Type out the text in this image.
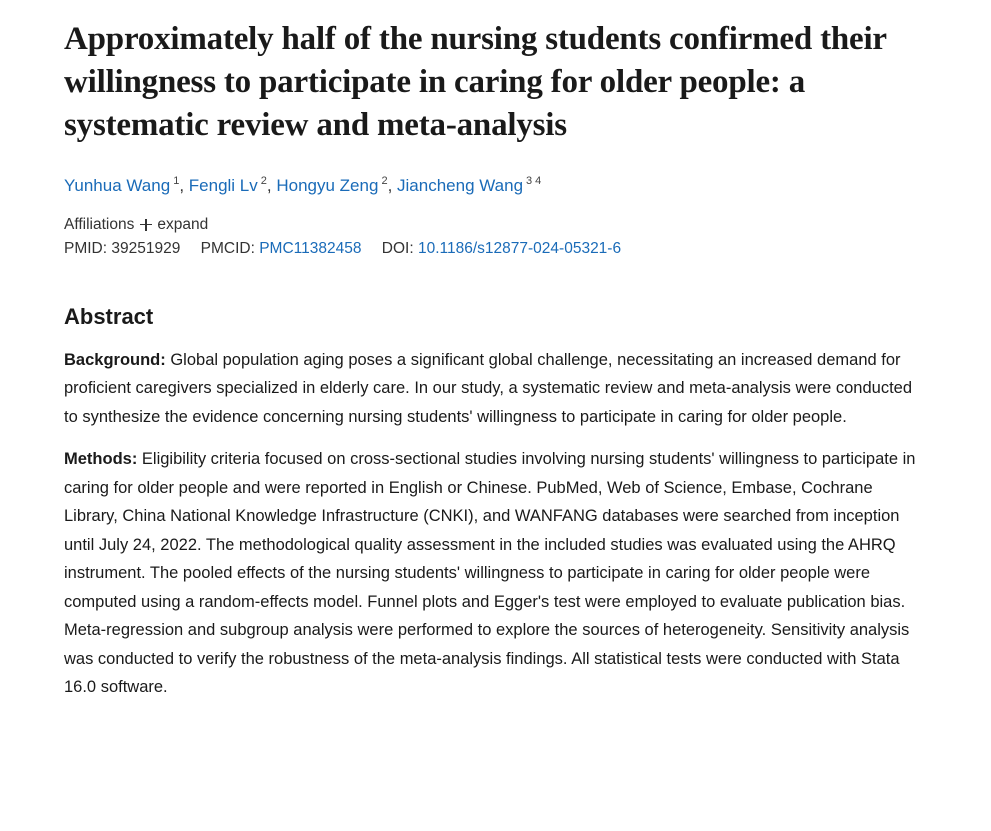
Approximately half of the nursing students confirmed their willingness to participate in caring for older people: a systematic review and meta-analysis
Yunhua Wang $^1$, Fengli Lv $^2$, Hongyu Zeng $^2$, Jiancheng Wang $^3$ $^4$
Affiliations expand
PMID: 39251929 PMCID: PMC11382458 DOI: 10.1186/s12877-024-05321-6
Abstract

Background: Global population aging poses a significant global challenge, necessitating an increased demand for proficient caregivers specialized in elderly care. In our study, a systematic review and meta-analysis were conducted to synthesize the evidence concerning nursing students' willingness to participate in caring for older people.

Methods: Eligibility criteria focused on cross-sectional studies involving nursing students' willingness to participate in caring for older people and were reported in English or Chinese. PubMed, Web of Science, Embase, Cochrane Library, China National Knowledge Infrastructure (CNKI), and WANFANG databases were searched from inception until July 24, 2022. The methodological quality assessment in the included studies was evaluated using the AHRQ instrument. The pooled effects of the nursing students' willingness to participate in caring for older people were computed using a random-effects model. Funnel plots and Egger's test were employed to evaluate publication bias. Meta-regression and subgroup analysis were performed to explore the sources of heterogeneity. Sensitivity analysis was conducted to verify the robustness of the meta-analysis findings. All statistical tests were conducted with Stata 16.0 software.
